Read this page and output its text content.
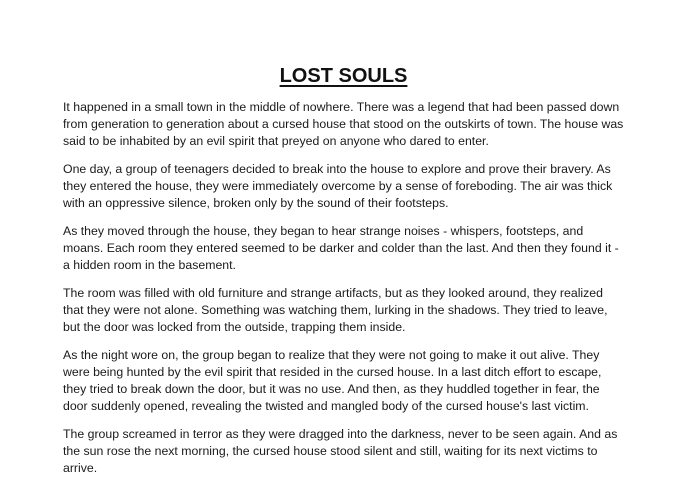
LOST SOULS

It happened in a small town in the middle of nowhere. There was a legend that had been passed down from generation to generation about a cursed house that stood on the outskirts of town. The house was said to be inhabited by an evil spirit that preyed on anyone who dared to enter.

One day, a group of teenagers decided to break into the house to explore and prove their bravery. As they entered the house, they were immediately overcome by a sense of foreboding. The air was thick with an oppressive silence, broken only by the sound of their footsteps.

As they moved through the house, they began to hear strange noises - whispers, footsteps, and moans. Each room they entered seemed to be darker and colder than the last. And then they found it - a hidden room in the basement.

The room was filled with old furniture and strange artifacts, but as they looked around, they realized that they were not alone. Something was watching them, lurking in the shadows. They tried to leave, but the door was locked from the outside, trapping them inside.

As the night wore on, the group began to realize that they were not going to make it out alive. They were being hunted by the evil spirit that resided in the cursed house. In a last ditch effort to escape, they tried to break down the door, but it was no use. And then, as they huddled together in fear, the door suddenly opened, revealing the twisted and mangled body of the cursed house's last victim.

The group screamed in terror as they were dragged into the darkness, never to be seen again. And as the sun rose the next morning, the cursed house stood silent and still, waiting for its next victims to arrive.
